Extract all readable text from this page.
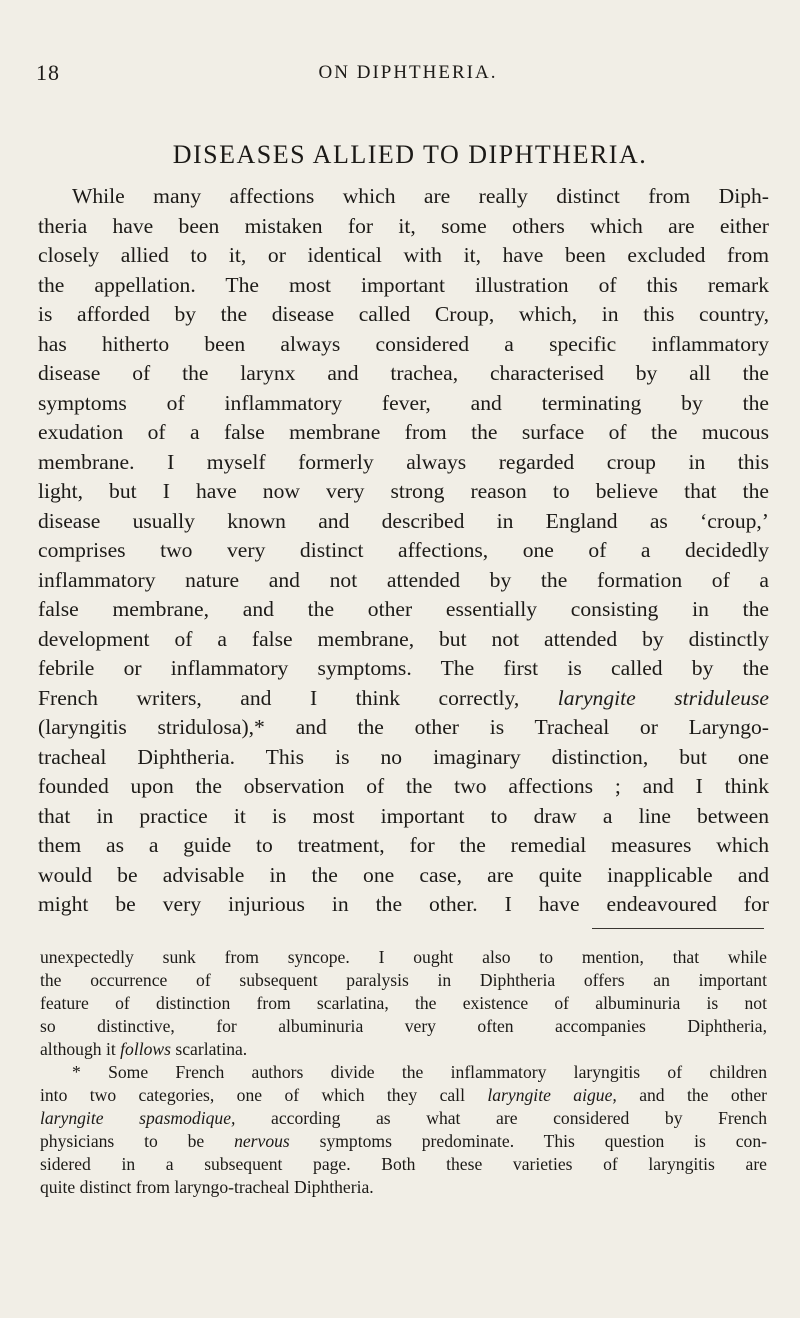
18	ON DIPHTHERIA.
DISEASES ALLIED TO DIPHTHERIA.
While many affections which are really distinct from Diph-
theria have been mistaken for it, some others which are either
closely allied to it, or identical with it, have been excluded from
the appellation. The most important illustration of this remark
is afforded by the disease called Croup, which, in this country,
has hitherto been always considered a specific inflammatory
disease of the larynx and trachea, characterised by all the
symptoms of inflammatory fever, and terminating by the
exudation of a false membrane from the surface of the mucous
membrane. I myself formerly always regarded croup in this
light, but I have now very strong reason to believe that the
disease usually known and described in England as ‘croup,’
comprises two very distinct affections, one of a decidedly
inflammatory nature and not attended by the formation of a
false membrane, and the other essentially consisting in the
development of a false membrane, but not attended by distinctly
febrile or inflammatory symptoms. The first is called by the
French writers, and I think correctly, laryngite striduleuse
(laryngitis stridulosa),* and the other is Tracheal or Laryngo-
tracheal Diphtheria. This is no imaginary distinction, but one
founded upon the observation of the two affections ; and I think
that in practice it is most important to draw a line between
them as a guide to treatment, for the remedial measures which
would be advisable in the one case, are quite inapplicable and
might be very injurious in the other. I have endeavoured for
unexpectedly sunk from syncope. I ought also to mention, that while
the occurrence of subsequent paralysis in Diphtheria offers an important
feature of distinction from scarlatina, the existence of albuminuria is not
so distinctive, for albuminuria very often accompanies Diphtheria,
although it follows scarlatina.
* Some French authors divide the inflammatory laryngitis of children
into two categories, one of which they call laryngite aigue, and the other
laryngite spasmodique, according as what are considered by French
physicians to be nervous symptoms predominate. This question is con-
sidered in a subsequent page. Both these varieties of laryngitis are
quite distinct from laryngo-tracheal Diphtheria.
